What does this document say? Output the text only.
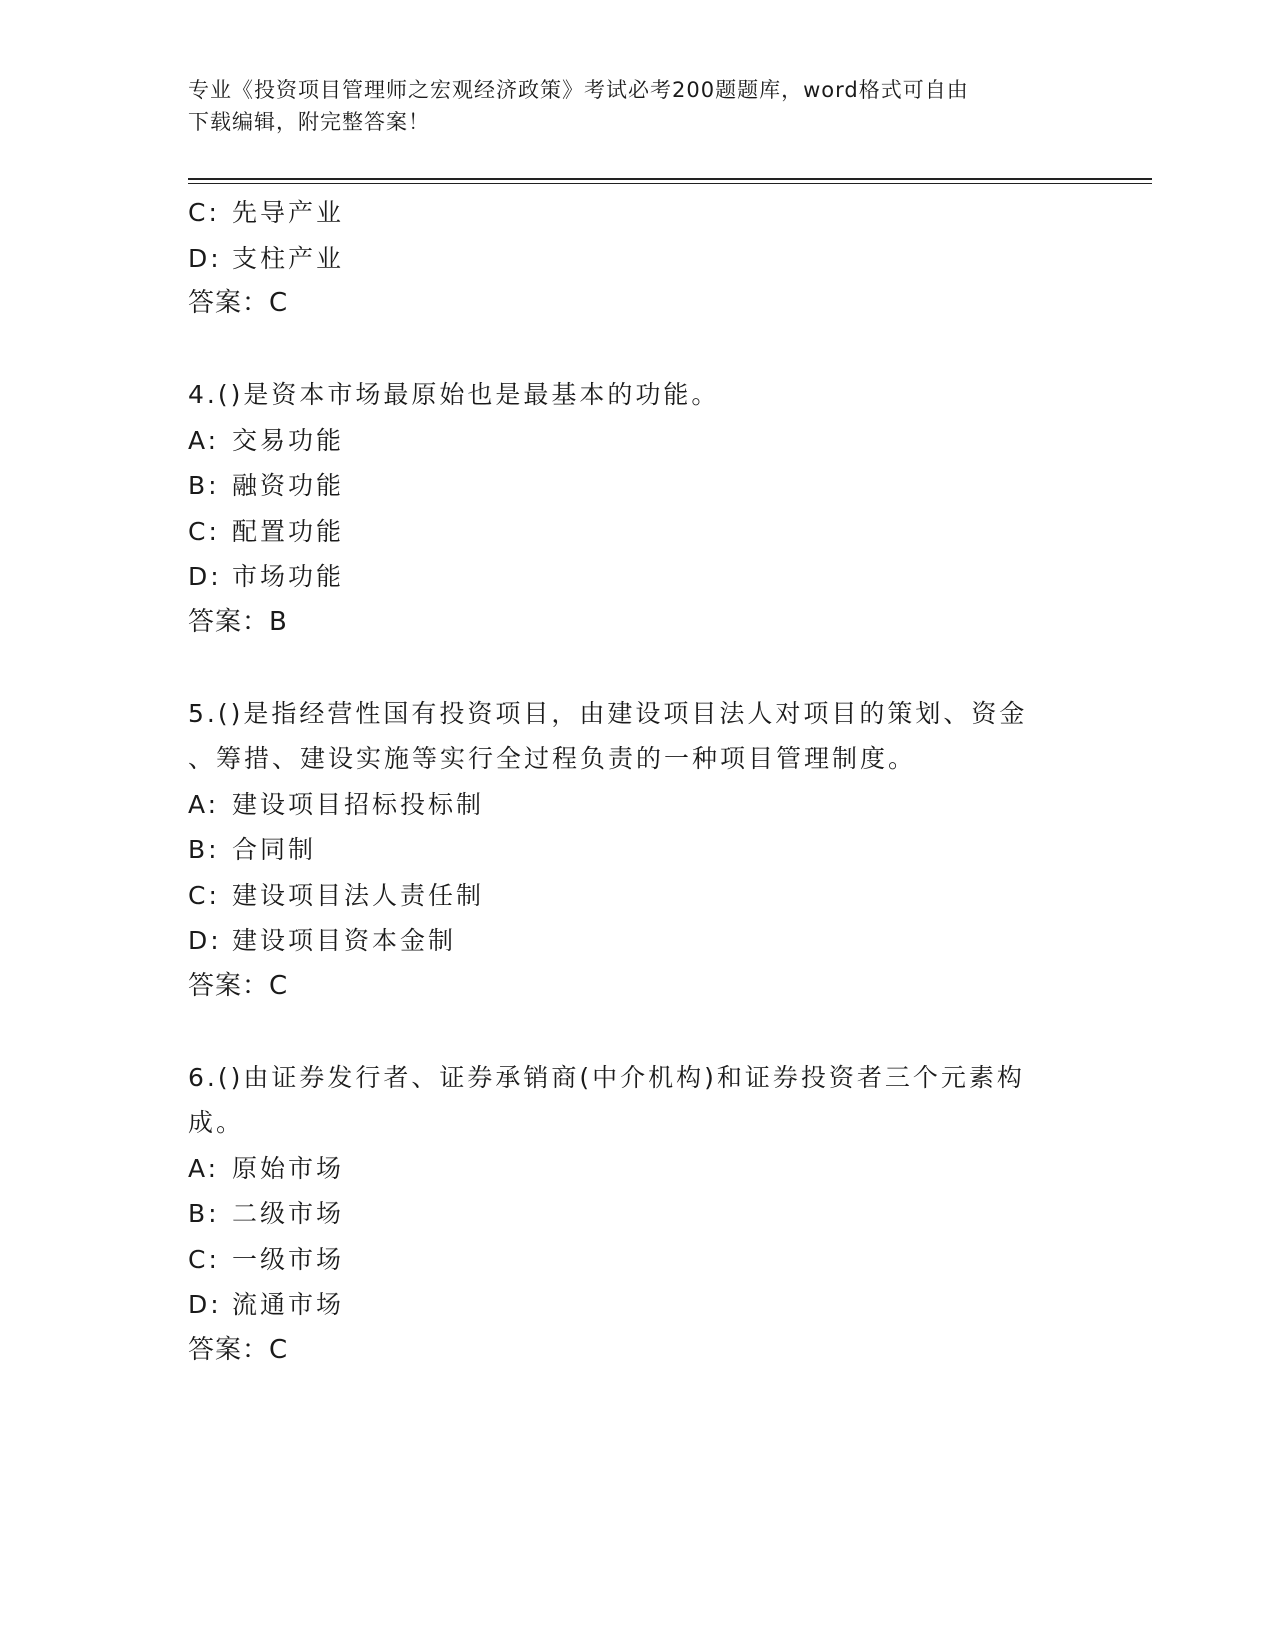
专业《投资项目管理师之宏观经济政策》考试必考200题题库，word格式可自由
下载编辑，附完整答案！
C: 先导产业
D: 支柱产业
答案：C
4.()是资本市场最原始也是最基本的功能。
A: 交易功能
B: 融资功能
C: 配置功能
D: 市场功能
答案：B
5.()是指经营性国有投资项目，由建设项目法人对项目的策划、资金
、筹措、建设实施等实行全过程负责的一种项目管理制度。
A: 建设项目招标投标制
B: 合同制
C: 建设项目法人责任制
D: 建设项目资本金制
答案：C
6.()由证券发行者、证券承销商(中介机构)和证券投资者三个元素构
成。
A: 原始市场
B: 二级市场
C: 一级市场
D: 流通市场
答案：C
